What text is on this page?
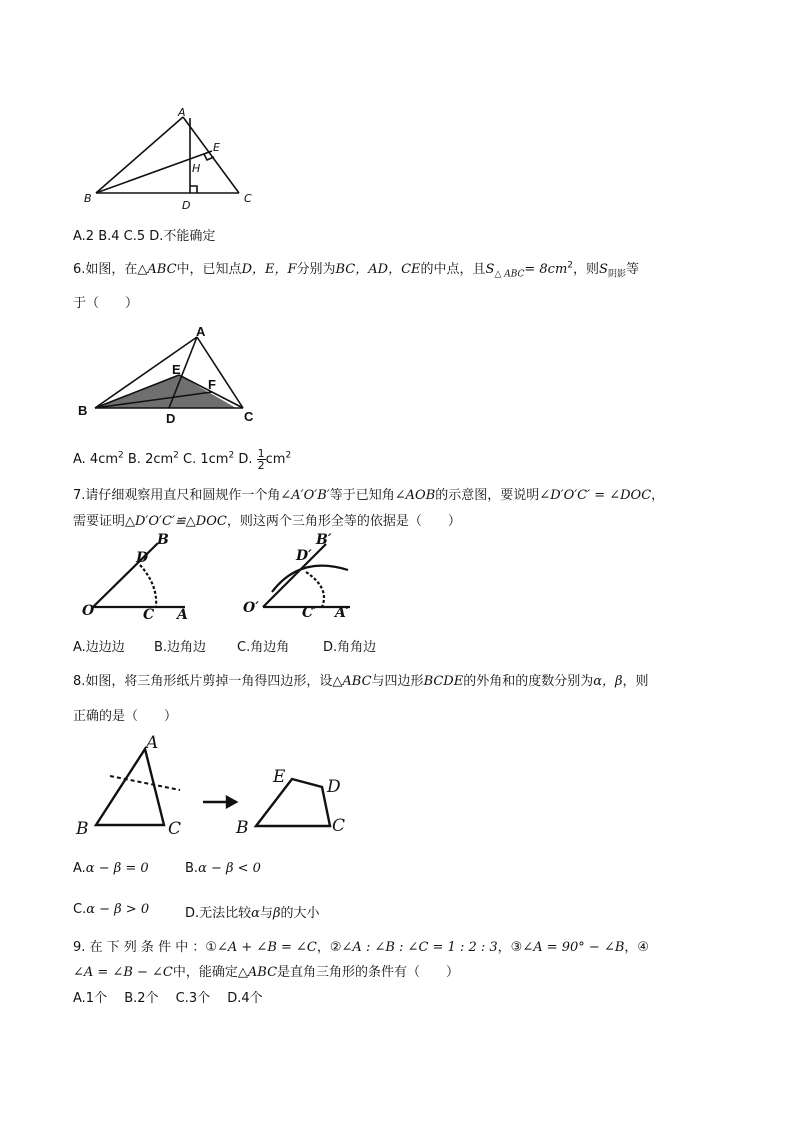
A
E
H
B
D
C
A.2 B.4 C.5 D.不能确定
6.如图，在△ABC中，已知点D，E，F分别为BC，AD，CE的中点，且$S_{\triangle ABC}= 8cm^2$，则$S_{阴影}$等
于（　　）
A
E
F
B
D	C
A. $4cm^2$ B. $2cm^2$ C. $1cm^2$ D. $\frac{1}{2} cm^2$
7.请仔细观察用直尺和圆规作一个角∠A′O′B′等于已知角∠AOB的示意图，要说明∠D′O′C′ = ∠DOC，
需要证明△D′O′C′≌△DOC，则这两个三角形全等的依据是（　　）
B
D
O	C A
B′
D′
O′	C′ A′
A.边边边 B.边角边 C.角边角	D.角角边
8.如图，将三角形纸片剪掉一角得四边形，设△ABC与四边形BCDE的外角和的度数分别为α，β，则
正确的是（　　）
A
B	C
E D
B	C
A.α − β = 0	B.α − β < 0
C.α − β > 0	D.无法比较α与β的大小
9. 在 下 列 条 件 中 ：①∠A + ∠B = ∠C，②∠A : ∠B : ∠C = 1 : 2 : 3，③∠A = 90° − ∠B，④
∠A = ∠B − ∠C中，能确定△ABC是直角三角形的条件有（　　）
A.1个　 B.2个　 C.3个　 D.4个
